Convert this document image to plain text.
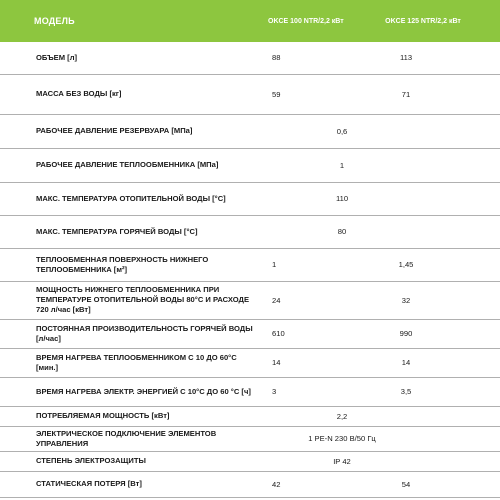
МОДЕЛЬ	OKCE 100 NTR/2,2 кВт	OKCE 125 NTR/2,2 кВт
ОБЪЕМ [л]	88	113
МАССА БЕЗ ВОДЫ [кг]	59	71
РАБОЧЕЕ ДАВЛЕНИЕ РЕЗЕРВУАРА [МПа]	0,6	
РАБОЧЕЕ ДАВЛЕНИЕ ТЕПЛООБМЕННИКА [МПа]	1	
МАКС. ТЕМПЕРАТУРА ОТОПИТЕЛЬНОЙ ВОДЫ [°C]	110	
МАКС. ТЕМПЕРАТУРА ГОРЯЧЕЙ ВОДЫ [°C]	80	
ТЕПЛООБМЕННАЯ ПОВЕРХНОСТЬ НИЖНЕГО ТЕПЛООБМЕННИКА [м²]	1	1,45
МОЩНОСТЬ НИЖНЕГО ТЕПЛООБМЕННИКА ПРИ ТЕМПЕРАТУРЕ ОТОПИТЕЛЬНОЙ ВОДЫ 80°C И РАСХОДЕ 720 л/час [кВт]	24	32
ПОСТОЯННАЯ ПРОИЗВОДИТЕЛЬНОСТЬ ГОРЯЧЕЙ ВОДЫ [л/час]	610	990
ВРЕМЯ НАГРЕВА ТЕПЛООБМЕННИКОМ С 10 ДО 60°C [мин.]	14	14
ВРЕМЯ НАГРЕВА ЭЛЕКТР. ЭНЕРГИЕЙ С 10°C ДО 60 °C [ч]	3	3,5
ПОТРЕБЛЯЕМАЯ МОЩНОСТЬ [кВт]	2,2	
ЭЛЕКТРИЧЕСКОЕ ПОДКЛЮЧЕНИЕ ЭЛЕМЕНТОВ УПРАВЛЕНИЯ	1 PE-N 230 В/50 Гц	
СТЕПЕНЬ ЭЛЕКТРОЗАЩИТЫ	IP 42	
СТАТИЧЕСКАЯ ПОТЕРЯ [Вт]	42	54
